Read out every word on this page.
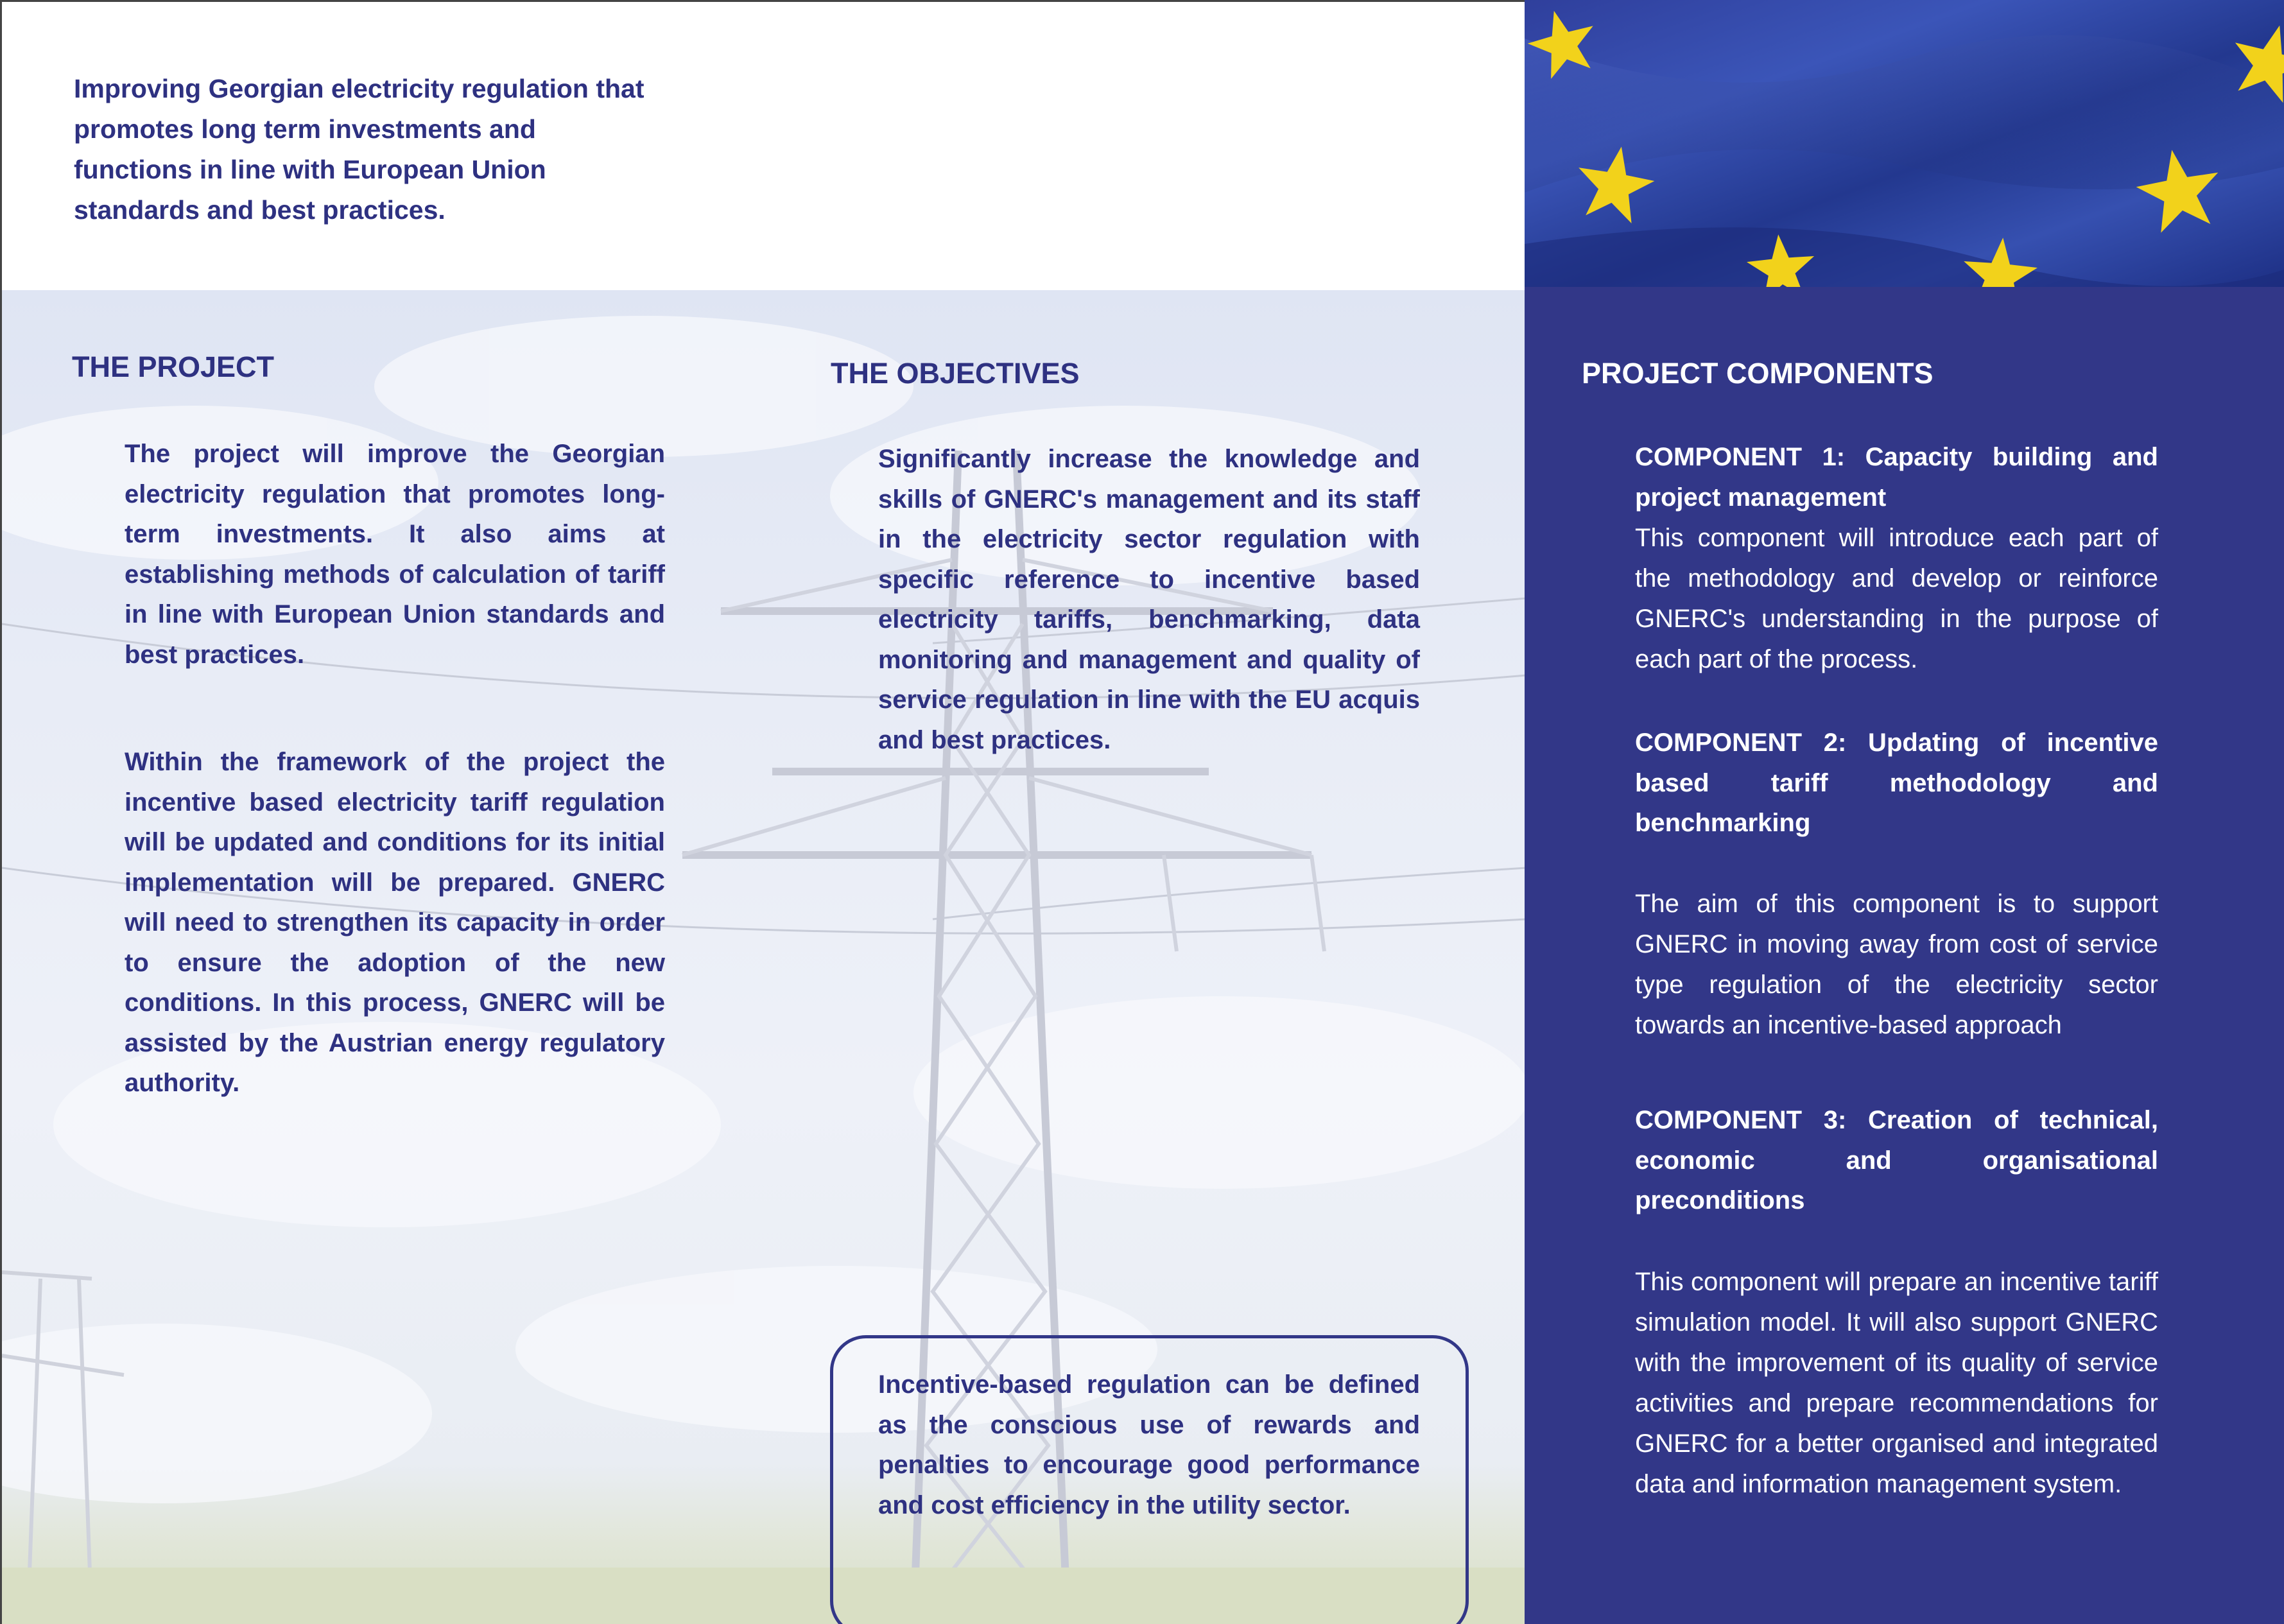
Improving Georgian electricity regulation that promotes long term investments and functions in line with European Union standards and best practices.
THE PROJECT
The project will improve the Georgian electricity regulation that promotes long-term investments. It also aims at establishing methods of calculation of tariff in line with European Union standards and best practices.
Within the framework of the project the incentive based electricity tariff regulation will be updated and conditions for its initial implementation will be prepared. GNERC will need to strengthen its capacity in order to ensure the adoption of the new conditions. In this process, GNERC will be assisted by the Austrian energy regulatory authority.
THE OBJECTIVES
Significantly increase the knowledge and skills of GNERC's management and its staff in the electricity sector regulation with specific reference to incentive based electricity tariffs, benchmarking, data monitoring and management and quality of service regulation in line with the EU acquis and best practices.
Incentive-based regulation can be defined as the conscious use of rewards and penalties to encourage good performance and cost efficiency in the utility sector.
PROJECT COMPONENTS
COMPONENT 1: Capacity building and project management
This component will introduce each part of the methodology and develop or reinforce GNERC's understanding in the purpose of each part of the process.
COMPONENT 2: Updating of incentive based tariff methodology and benchmarking
The aim of this component is to support GNERC in moving away from cost of service type regulation of the electricity sector towards an incentive-based approach
COMPONENT 3: Creation of technical, economic and organisational preconditions
This component will prepare an incentive tariff simulation model. It will also support GNERC with the improvement of its quality of service activities and prepare recommendations for GNERC for a better organised and integrated data and information management system.
